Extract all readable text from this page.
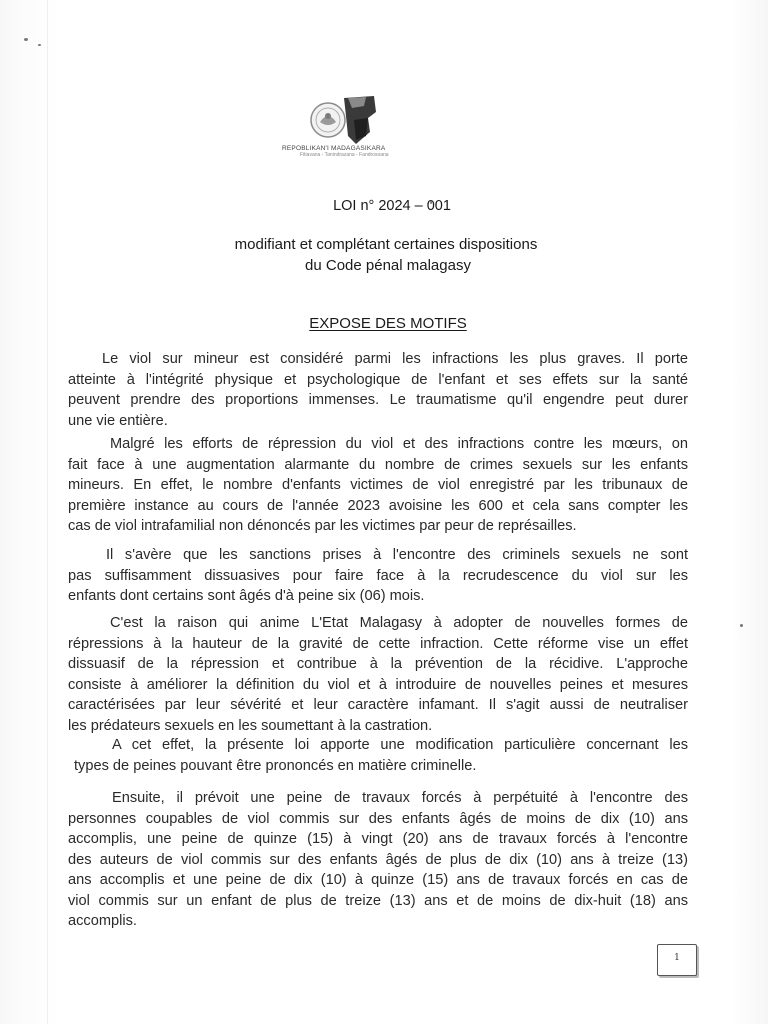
REPOBLIKAN'I MADAGASIKARA
Fitiavana - Tanindrazana - Fandrosoana
LOI n° 2024 – 001
modifiant et complétant certaines dispositions
du Code pénal malagasy
EXPOSE DES MOTIFS
Le viol sur mineur est considéré parmi les infractions les plus graves. Il porte
atteinte à l'intégrité physique et psychologique de l'enfant et ses effets sur la santé
peuvent prendre des proportions immenses. Le traumatisme qu'il engendre peut durer
une vie entière.
Malgré les efforts de répression du viol et des infractions contre les mœurs, on
fait face à une augmentation alarmante du nombre de crimes sexuels sur les enfants
mineurs. En effet, le nombre d'enfants victimes de viol enregistré par les tribunaux de
première instance au cours de l'année 2023 avoisine les 600 et cela sans compter les
cas de viol intrafamilial non dénoncés par les victimes par peur de représailles.
Il s'avère que les sanctions prises à l'encontre des criminels sexuels ne sont
pas suffisamment dissuasives pour faire face à la recrudescence du viol sur les
enfants dont certains sont âgés d'à peine six (06) mois.
C'est la raison qui anime L'Etat Malagasy à adopter de nouvelles formes de
répressions à la hauteur de la gravité de cette infraction. Cette réforme vise un effet
dissuasif de la répression et contribue à la prévention de la récidive. L'approche
consiste à améliorer la définition du viol et à introduire de nouvelles peines et mesures
caractérisées par leur sévérité et leur caractère infamant. Il s'agit aussi de neutraliser
les prédateurs sexuels en les soumettant à la castration.
A cet effet, la présente loi apporte une modification particulière concernant les
types de peines pouvant être prononcés en matière criminelle.
Ensuite, il prévoit une peine de travaux forcés à perpétuité à l'encontre des
personnes coupables de viol commis sur des enfants âgés de moins de dix (10) ans
accomplis, une peine de quinze (15) à vingt (20) ans de travaux forcés à l'encontre
des auteurs de viol commis sur des enfants âgés de plus de dix (10) ans à treize (13)
ans accomplis et une peine de dix (10) à quinze (15) ans de travaux forcés en cas de
viol commis sur un enfant de plus de treize (13) ans et de moins de dix-huit (18) ans
accomplis.
1
